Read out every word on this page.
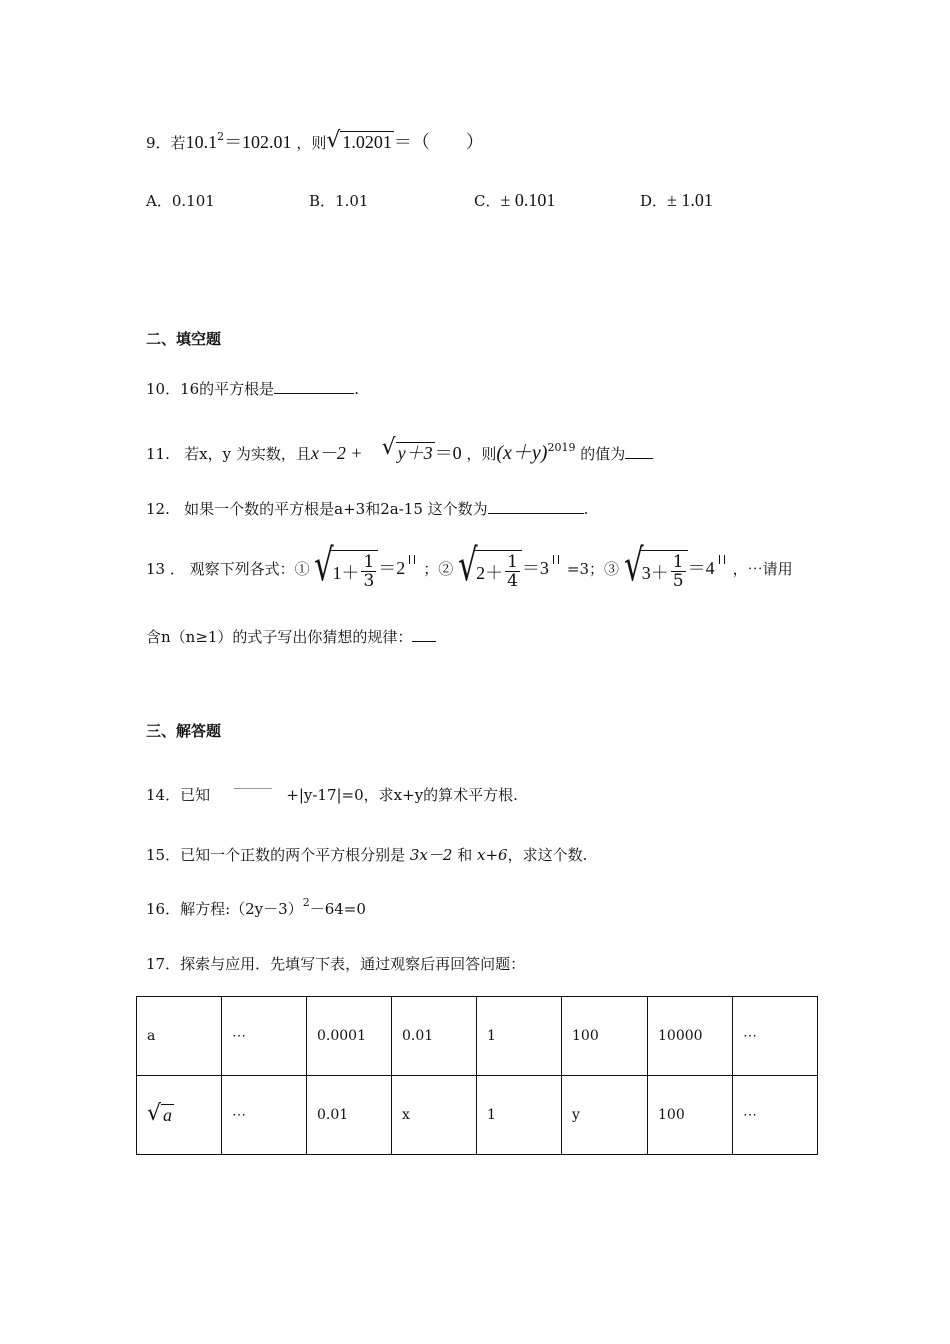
9．若$10.1^2=102.01$ ，则 √ 1.0201 ＝（　　）
A．0.101	B．1.01	C．± 0.101	D．± 1.01
二、填空题
10．16的平方根是	.
11. 若x，y 为实数，且x－2 + √ y＋3 ＝0 ，则$(x+y)^{2019}$ 的值为
12. 如果一个数的平方根是a+3和2a-15 这个数为	.
13 ． 观察下列各式：① √
$1+ \frac{1}{3} =2$ ；② √
$2+ \frac{1}{4} =3 =3$；③ √
$3+ \frac{1}{5} =4$ ，⋯请用
含n（n≥1）的式子写出你猜想的规律：
三、解答题
14．已知	+|y-17|=0，求x+y的算术平方根.
15．已知一个正数的两个平方根分别是 3x－2 和 x+6，求这个数.
16．解方程$:(2y-3)^2-64=0$
17．探索与应用．先填写下表，通过观察后再回答问题：
a	⋯	0.0001	0.01	1	100	10000	⋯

√ a	⋯	0.01	x	1	y	100	⋯
